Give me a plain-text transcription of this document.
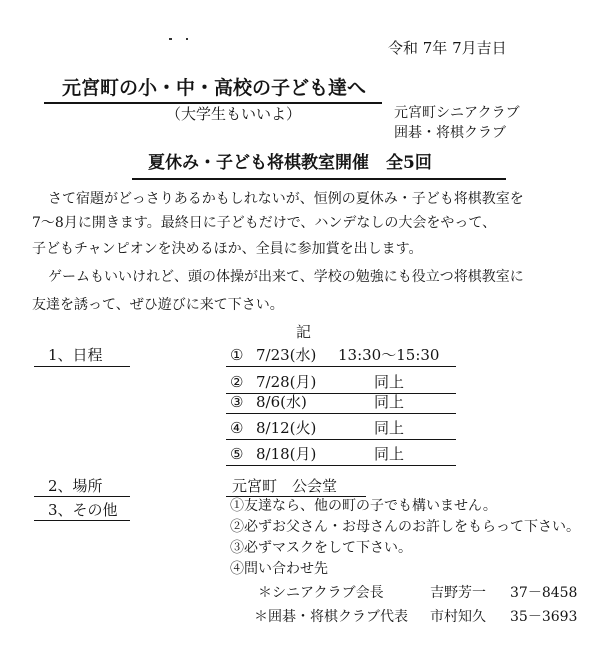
令和 7年 7月吉日
元宮町の小・中・高校の子ども達へ
（大学生もいいよ）	元宮町シニアクラブ
囲碁・将棋クラブ
夏休み・子ども将棋教室開催　全5回
さて宿題がどっさりあるかもしれないが、恒例の夏休み・子ども将棋教室を
7～8月に開きます。最終日に子どもだけで、ハンデなしの大会をやって、
子どもチャンピオンを決めるほか、全員に参加賞を出します。
ゲームもいいけれど、頭の体操が出来て、学校の勉強にも役立つ将棋教室に
友達を誘って、ぜひ遊びに来て下さい。
記
1、日程	① 7/23(水) 13:30～15:30
② 7/28(月)	同上
③ 8/6(水)	同上
④ 8/12(火)	同上
⑤ 8/18(月)	同上
2、場所	元宮町　公会堂
3、その他	①友達なら、他の町の子でも構いません。
②必ずお父さん・お母さんのお許しをもらって下さい。
③必ずマスクをして下さい。
④問い合わせ先
＊シニアクラブ会長	吉野芳一 37－8458
＊囲碁・将棋クラブ代表 市村知久 35－3693
